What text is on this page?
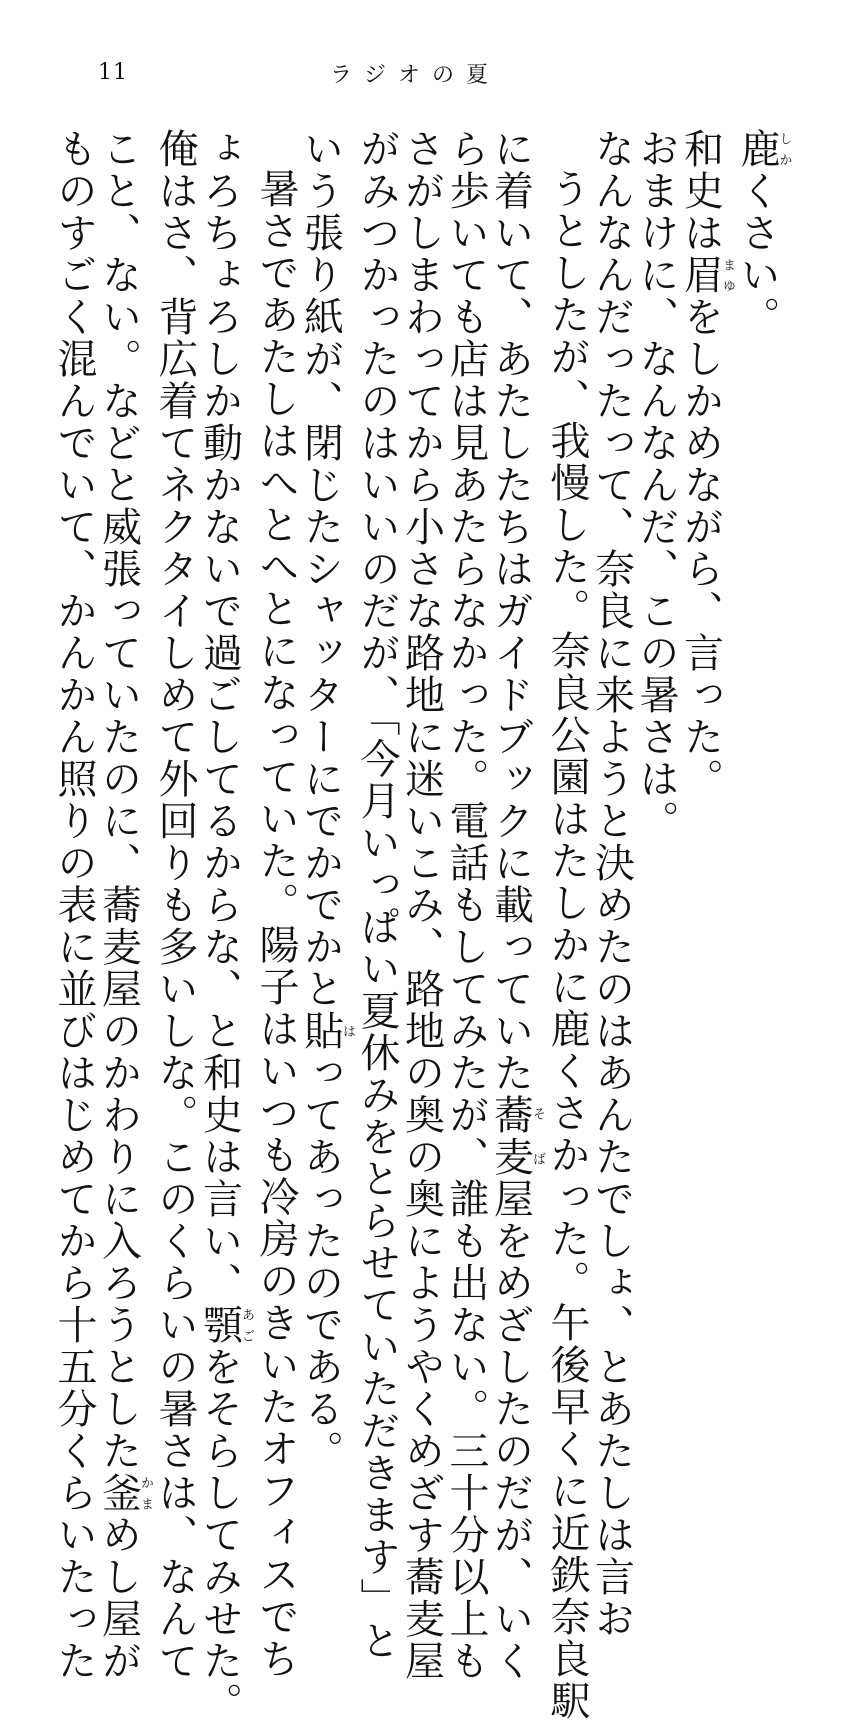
11	ラジオの夏
鹿しかくさい。
和史は眉まゆをしかめながら、言った。
おまけに、なんなんだ、この暑さは。
なんなんだったって、奈良に来ようと決めたのはあんたでしょ、とあたしは言お
うとしたが、我慢した。奈良公園はたしかに鹿くさかった。午後早くに近鉄奈良駅
に着いて、あたしたちはガイドブックに載っていた蕎麦そば屋をめざしたのだが、いく
ら歩いても店は見あたらなかった。電話もしてみたが、誰も出ない。三十分以上も
さがしまわってから小さな路地に迷いこみ、路地の奥の奥にようやくめざす蕎麦屋
がみつかったのはいいのだが、「今月いっぱい夏休みをとらせていただきます」と
いう張り紙が、閉じたシャッターにでかでかと貼はってあったのである。
暑さであたしはへとへとになっていた。陽子はいつも冷房のきいたオフィスでち
ょろちょろしか動かないで過ごしてるからな、と和史は言い、顎あごをそらしてみせた。
俺はさ、背広着てネクタイしめて外回りも多いしな。このくらいの暑さは、なんて
こと、ない。などと威張っていたのに、蕎麦屋のかわりに入ろうとした釜かまめし屋が
ものすごく混んでいて、かんかん照りの表に並びはじめてから十五分くらいたった
